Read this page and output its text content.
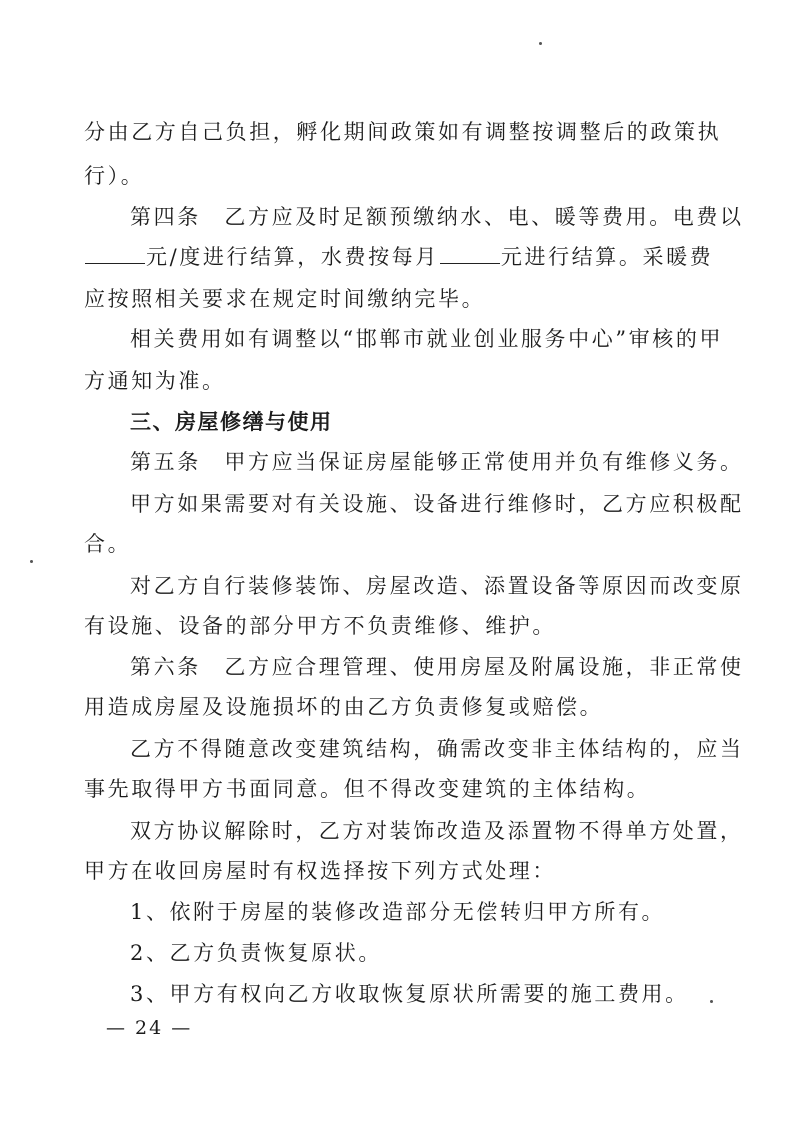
分由乙方自己负担，孵化期间政策如有调整按调整后的政策执
行）。
第四条　乙方应及时足额预缴纳水、电、暖等费用。电费以
元/度进行结算，水费按每月	元进行结算。采暖费
应按照相关要求在规定时间缴纳完毕。
相关费用如有调整以“邯郸市就业创业服务中心”审核的甲
方通知为准。
三、房屋修缮与使用
第五条　甲方应当保证房屋能够正常使用并负有维修义务。
甲方如果需要对有关设施、设备进行维修时，乙方应积极配
合。
对乙方自行装修装饰、房屋改造、添置设备等原因而改变原
有设施、设备的部分甲方不负责维修、维护。
第六条　乙方应合理管理、使用房屋及附属设施，非正常使
用造成房屋及设施损坏的由乙方负责修复或赔偿。
乙方不得随意改变建筑结构，确需改变非主体结构的，应当
事先取得甲方书面同意。但不得改变建筑的主体结构。
双方协议解除时，乙方对装饰改造及添置物不得单方处置，
甲方在收回房屋时有权选择按下列方式处理：
1、依附于房屋的装修改造部分无偿转归甲方所有。
2、乙方负责恢复原状。
3、甲方有权向乙方收取恢复原状所需要的施工费用。
— 24 —
